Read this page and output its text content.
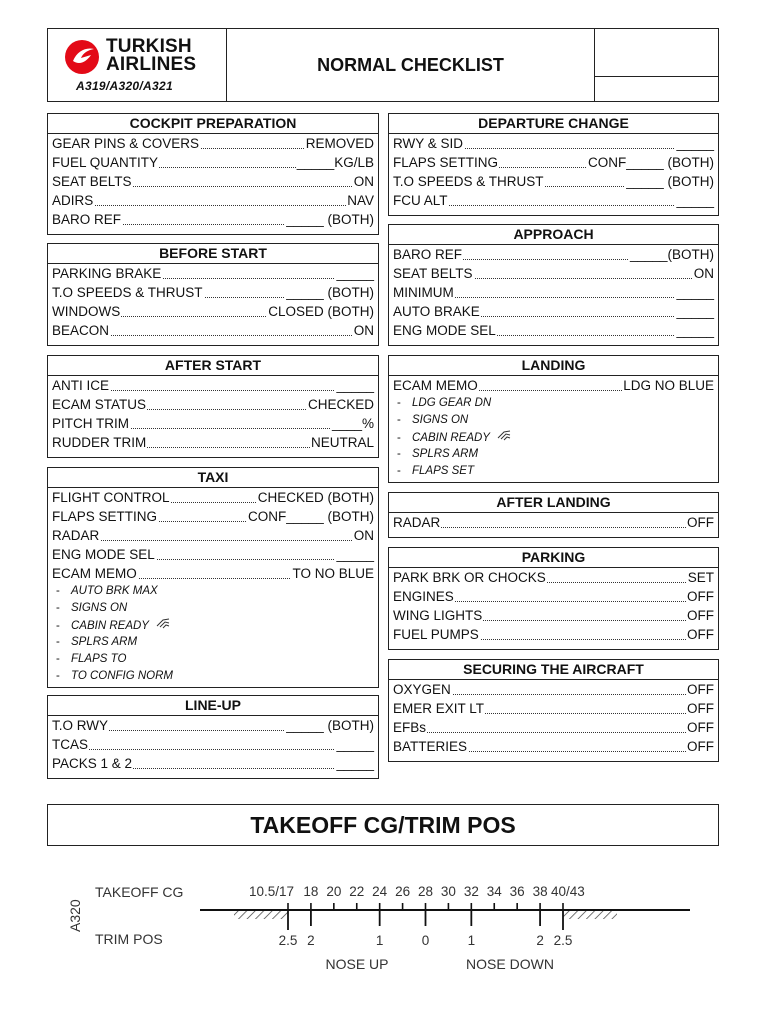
TURKISH
AIRLINES
A319/A320/A321
NORMAL CHECKLIST
COCKPIT PREPARATION
GEAR PINS & COVERS	REMOVED
FUEL QUANTITY	_____KG/LB
SEAT BELTS	ON
ADIRS	NAV
BARO REF	_____ (BOTH)
BEFORE START
PARKING BRAKE	_____
T.O SPEEDS & THRUST	_____ (BOTH)
WINDOWS	CLOSED (BOTH)
BEACON	ON
AFTER START
ANTI ICE	_____
ECAM STATUS	CHECKED
PITCH TRIM	____%
RUDDER TRIM	NEUTRAL
TAXI
FLIGHT CONTROL	CHECKED (BOTH)
FLAPS SETTING	CONF_____ (BOTH)
RADAR	ON
ENG MODE SEL	_____
ECAM MEMO	TO NO BLUE
- AUTO BRK MAX
- SIGNS ON
- CABIN READY
- SPLRS ARM
- FLAPS TO
- TO CONFIG NORM
LINE-UP
T.O RWY	_____ (BOTH)
TCAS	_____
PACKS 1 & 2	_____
DEPARTURE CHANGE
RWY & SID	_____
FLAPS SETTING	CONF_____ (BOTH)
T.O SPEEDS & THRUST	_____ (BOTH)
FCU ALT	_____
APPROACH
BARO REF	_____(BOTH)
SEAT BELTS	ON
MINIMUM	_____
AUTO BRAKE	_____
ENG MODE SEL	_____
LANDING
ECAM MEMO	LDG NO BLUE
- LDG GEAR DN
- SIGNS ON
- CABIN READY
- SPLRS ARM
- FLAPS SET
AFTER LANDING
RADAR	OFF
PARKING
PARK BRK OR CHOCKS	SET
ENGINES	OFF
WING LIGHTS	OFF
FUEL PUMPS	OFF
SECURING THE AIRCRAFT
OXYGEN	OFF
EMER EXIT LT	OFF
EFBs	OFF
BATTERIES	OFF
TAKEOFF CG/TRIM POS
A320
TAKEOFF CG
TRIM POS
10.5/17 18 20 22 24 26 28 30 32 34 36 38 40/43
2.5 2	1	0	1	2 2.5
NOSE UP	NOSE DOWN
